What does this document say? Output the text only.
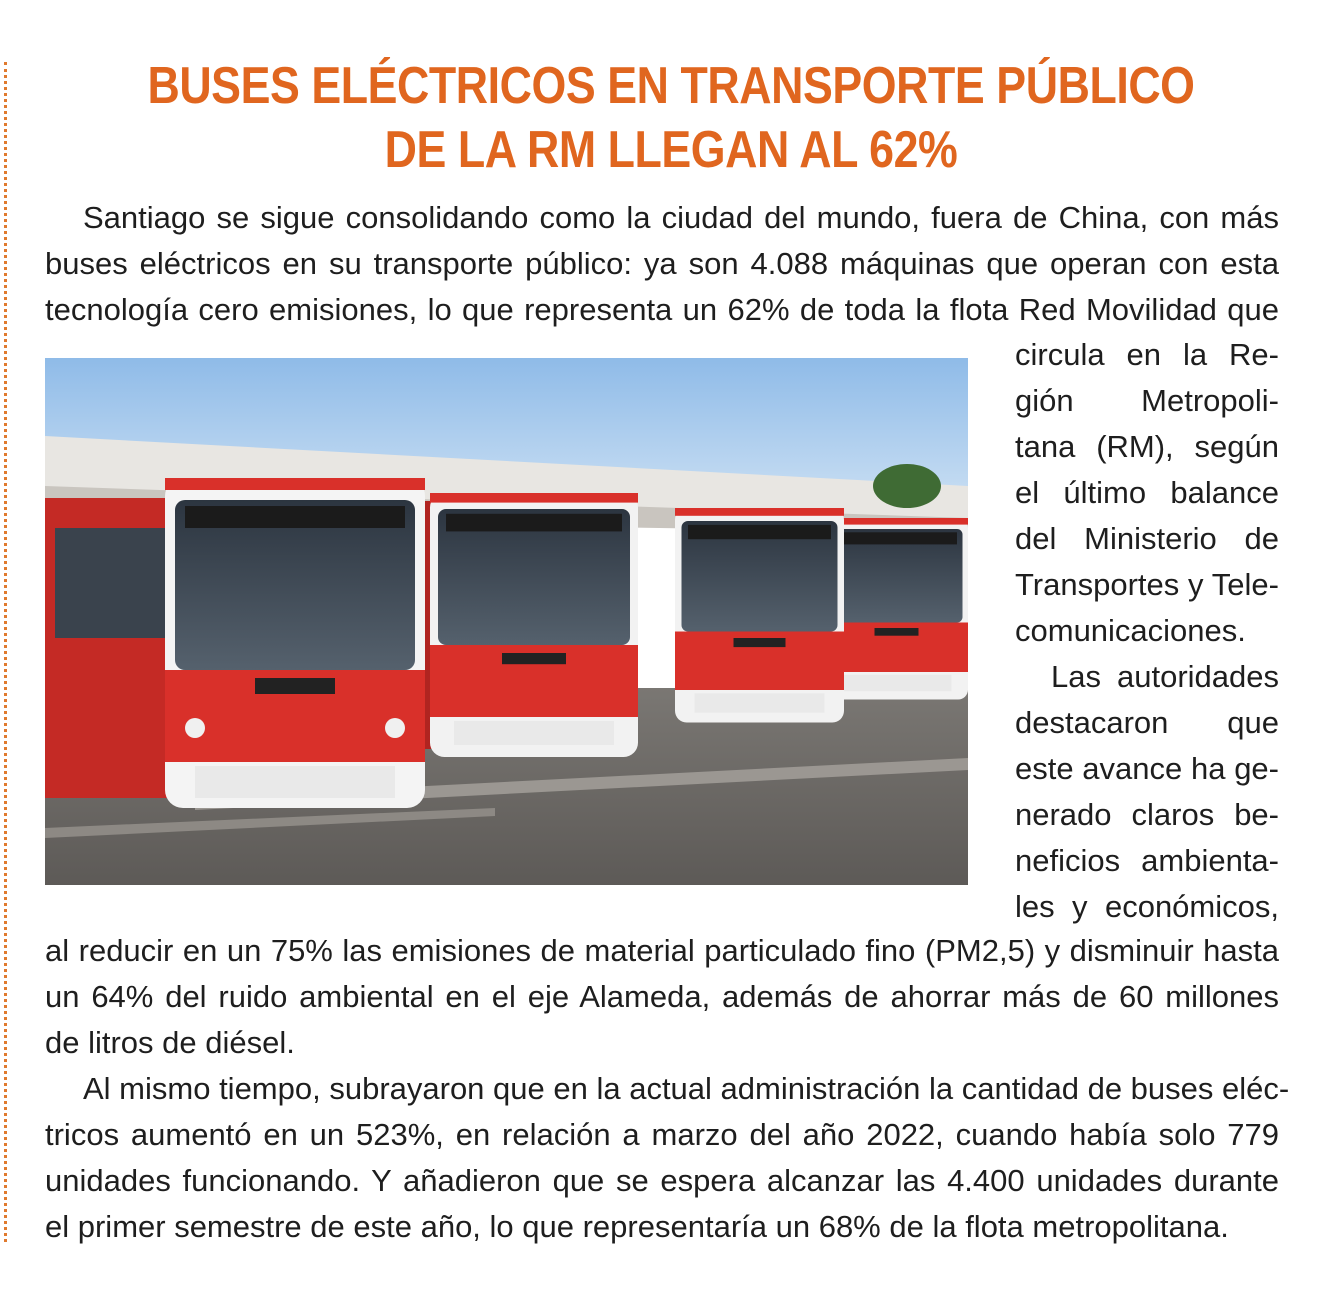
BUSES ELÉCTRICOS EN TRANSPORTE PÚBLICO
DE LA RM LLEGAN AL 62%
Santiago se sigue consolidando como la ciudad del mundo, fuera de China, con más
buses eléctricos en su transporte público: ya son 4.088 máquinas que operan con esta
tecnología cero emisiones, lo que representa un 62% de toda la flota Red Movilidad que
circula en la Re-
gión Metropoli-
tana (RM), según
el último balance
del Ministerio de
Transportes y Tele-
comunicaciones.
Las autoridades
destacaron que
este avance ha ge-
nerado claros be-
neficios ambienta-
les y económicos,
al reducir en un 75% las emisiones de material particulado fino (PM2,5) y disminuir hasta
un 64% del ruido ambiental en el eje Alameda, además de ahorrar más de 60 millones
de litros de diésel.
Al mismo tiempo, subrayaron que en la actual administración la cantidad de buses eléc-
tricos aumentó en un 523%, en relación a marzo del año 2022, cuando había solo 779
unidades funcionando. Y añadieron que se espera alcanzar las 4.400 unidades durante
el primer semestre de este año, lo que representaría un 68% de la flota metropolitana.
